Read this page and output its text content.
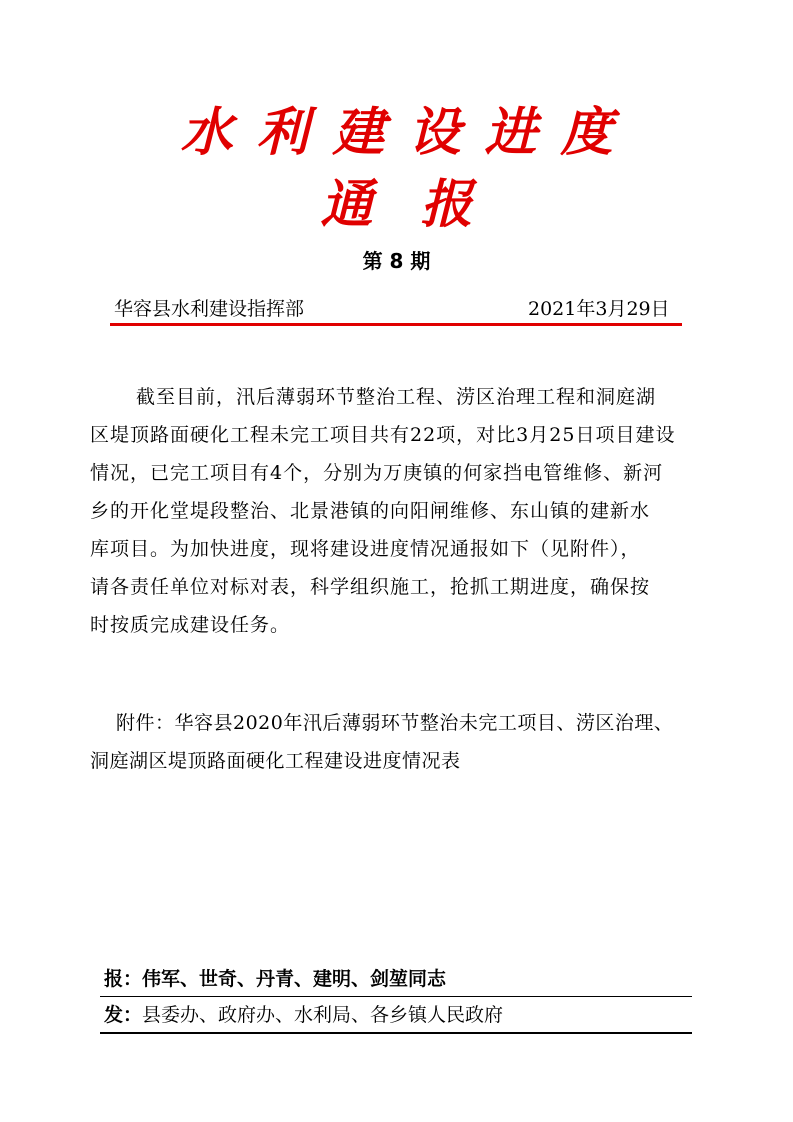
水利建设进度
通报
第 8 期
华容县水利建设指挥部	2021年3月29日
截至目前，汛后薄弱环节整治工程、涝区治理工程和洞庭湖
区堤顶路面硬化工程未完工项目共有22项，对比3月25日项目建设
情况，已完工项目有4个，分别为万庚镇的何家挡电管维修、新河
乡的开化堂堤段整治、北景港镇的向阳闸维修、东山镇的建新水
库项目。为加快进度，现将建设进度情况通报如下（见附件），
请各责任单位对标对表，科学组织施工，抢抓工期进度，确保按
时按质完成建设任务。
附件：华容县2020年汛后薄弱环节整治未完工项目、涝区治理、
洞庭湖区堤顶路面硬化工程建设进度情况表
报：伟军、世奇、丹青、建明、剑堃同志
发：县委办、政府办、水利局、各乡镇人民政府
